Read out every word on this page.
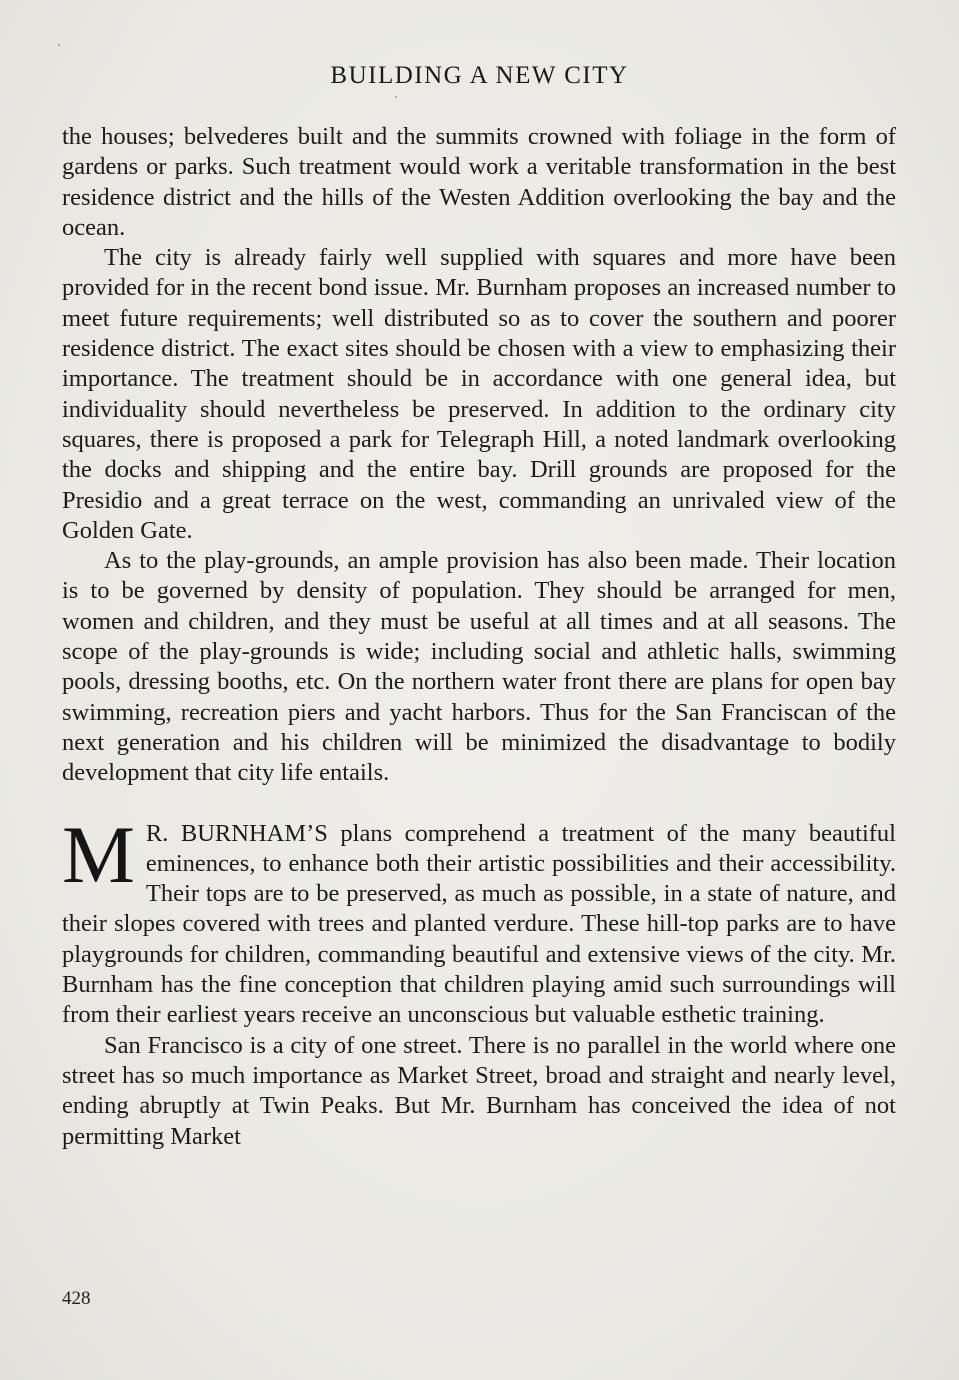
BUILDING A NEW CITY

the houses; belvederes built and the summits crowned with foliage in the form of gardens or parks. Such treatment would work a veritable transformation in the best residence district and the hills of the Westen Addition overlooking the bay and the ocean.

The city is already fairly well supplied with squares and more have been provided for in the recent bond issue. Mr. Burnham proposes an increased number to meet future requirements; well distributed so as to cover the southern and poorer residence district. The exact sites should be chosen with a view to emphasizing their importance. The treatment should be in accordance with one general idea, but individuality should nevertheless be preserved. In addition to the ordinary city squares, there is proposed a park for Telegraph Hill, a noted landmark overlooking the docks and shipping and the entire bay. Drill grounds are proposed for the Presidio and a great terrace on the west, commanding an unrivaled view of the Golden Gate.

As to the play-grounds, an ample provision has also been made. Their location is to be governed by density of population. They should be arranged for men, women and children, and they must be useful at all times and at all seasons. The scope of the play-grounds is wide; including social and athletic halls, swimming pools, dressing booths, etc. On the northern water front there are plans for open bay swimming, recreation piers and yacht harbors. Thus for the San Franciscan of the next generation and his children will be minimized the disadvantage to bodily development that city life entails.

M R. BURNHAM’S plans comprehend a treatment of the many beautiful eminences, to enhance both their artistic possibilities and their accessibility. Their tops are to be preserved, as much as possible, in a state of nature, and their slopes covered with trees and planted verdure. These hill-top parks are to have playgrounds for children, commanding beautiful and extensive views of the city. Mr. Burnham has the fine conception that children playing amid such surroundings will from their earliest years receive an unconscious but valuable esthetic training.

San Francisco is a city of one street. There is no parallel in the world where one street has so much importance as Market Street, broad and straight and nearly level, ending abruptly at Twin Peaks. But Mr. Burnham has conceived the idea of not permitting Market

428
